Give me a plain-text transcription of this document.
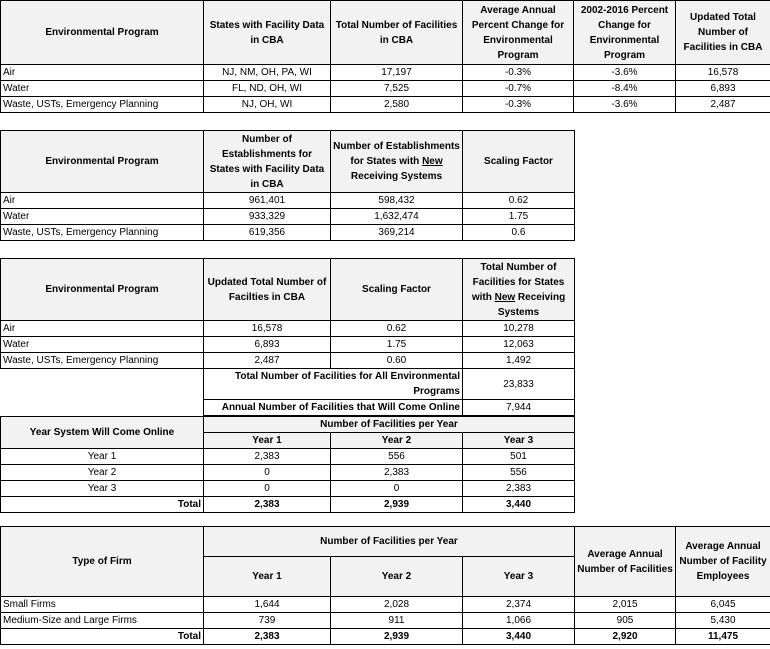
Environmental Program	States with Facility Data in CBA	Total Number of Facilities in CBA	Average Annual Percent Change for Environmental Program	2002-2016 Percent Change for Environmental Program	Updated Total Number of Facilities in CBA
Air	NJ, NM, OH, PA, WI	17,197	-0.3%	-3.6%	16,578
Water	FL, ND, OH, WI	7,525	-0.7%	-8.4%	6,893
Waste, USTs, Emergency Planning	NJ, OH, WI	2,580	-0.3%	-3.6%	2,487
Environmental Program	Number of Establishments for States with Facility Data in CBA	Number of Establishments for States with New Receiving Systems	Scaling Factor
Air	961,401	598,432	0.62
Water	933,329	1,632,474	1.75
Waste, USTs, Emergency Planning	619,356	369,214	0.6
Environmental Program	Updated Total Number of Facilties in CBA	Scaling Factor	Total Number of Facilities for States with New Receiving Systems
Air	16,578	0.62	10,278
Water	6,893	1.75	12,063
Waste, USTs, Emergency Planning	2,487	0.60	1,492
	Total Number of Facilities for All Environmental Programs		23,833
	Annual Number of Facilities that Will Come Online		7,944
Year System Will Come Online	Number of Facilities per Year		
	Year 1	Year 2	Year 3
Year 1	2,383	556	501
Year 2	0	2,383	556
Year 3	0	0	2,383
Total	2,383	2,939	3,440
Type of Firm	Number of Facilities per Year			Average Annual Number of Facilities	Average Annual Number of Facility Employees
	Year 1	Year 2	Year 3		
Small Firms	1,644	2,028	2,374	2,015	6,045
Medium-Size and Large Firms	739	911	1,066	905	5,430
Total	2,383	2,939	3,440	2,920	11,475
